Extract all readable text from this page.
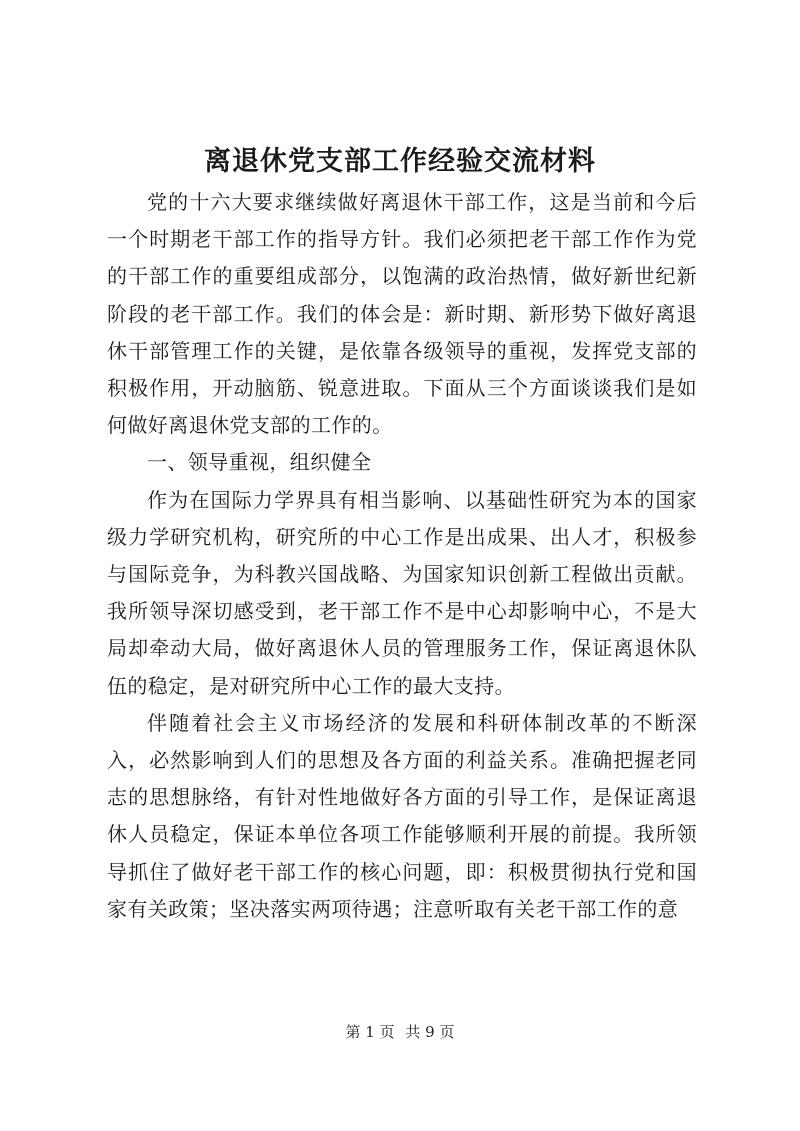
离退休党支部工作经验交流材料

党的十六大要求继续做好离退休干部工作，这是当前和今后一个时期老干部工作的指导方针。我们必须把老干部工作作为党的干部工作的重要组成部分，以饱满的政治热情，做好新世纪新阶段的老干部工作。我们的体会是：新时期、新形势下做好离退休干部管理工作的关键，是依靠各级领导的重视，发挥党支部的积极作用，开动脑筋、锐意进取。下面从三个方面谈谈我们是如何做好离退休党支部的工作的。

一、领导重视，组织健全

作为在国际力学界具有相当影响、以基础性研究为本的国家级力学研究机构，研究所的中心工作是出成果、出人才，积极参与国际竞争，为科教兴国战略、为国家知识创新工程做出贡献。我所领导深切感受到，老干部工作不是中心却影响中心，不是大局却牵动大局，做好离退休人员的管理服务工作，保证离退休队伍的稳定，是对研究所中心工作的最大支持。

伴随着社会主义市场经济的发展和科研体制改革的不断深入，必然影响到人们的思想及各方面的利益关系。准确把握老同志的思想脉络，有针对性地做好各方面的引导工作，是保证离退休人员稳定，保证本单位各项工作能够顺利开展的前提。我所领导抓住了做好老干部工作的核心问题，即：积极贯彻执行党和国家有关政策；坚决落实两项待遇；注意听取有关老干部工作的意

第 1 页 共 9 页
